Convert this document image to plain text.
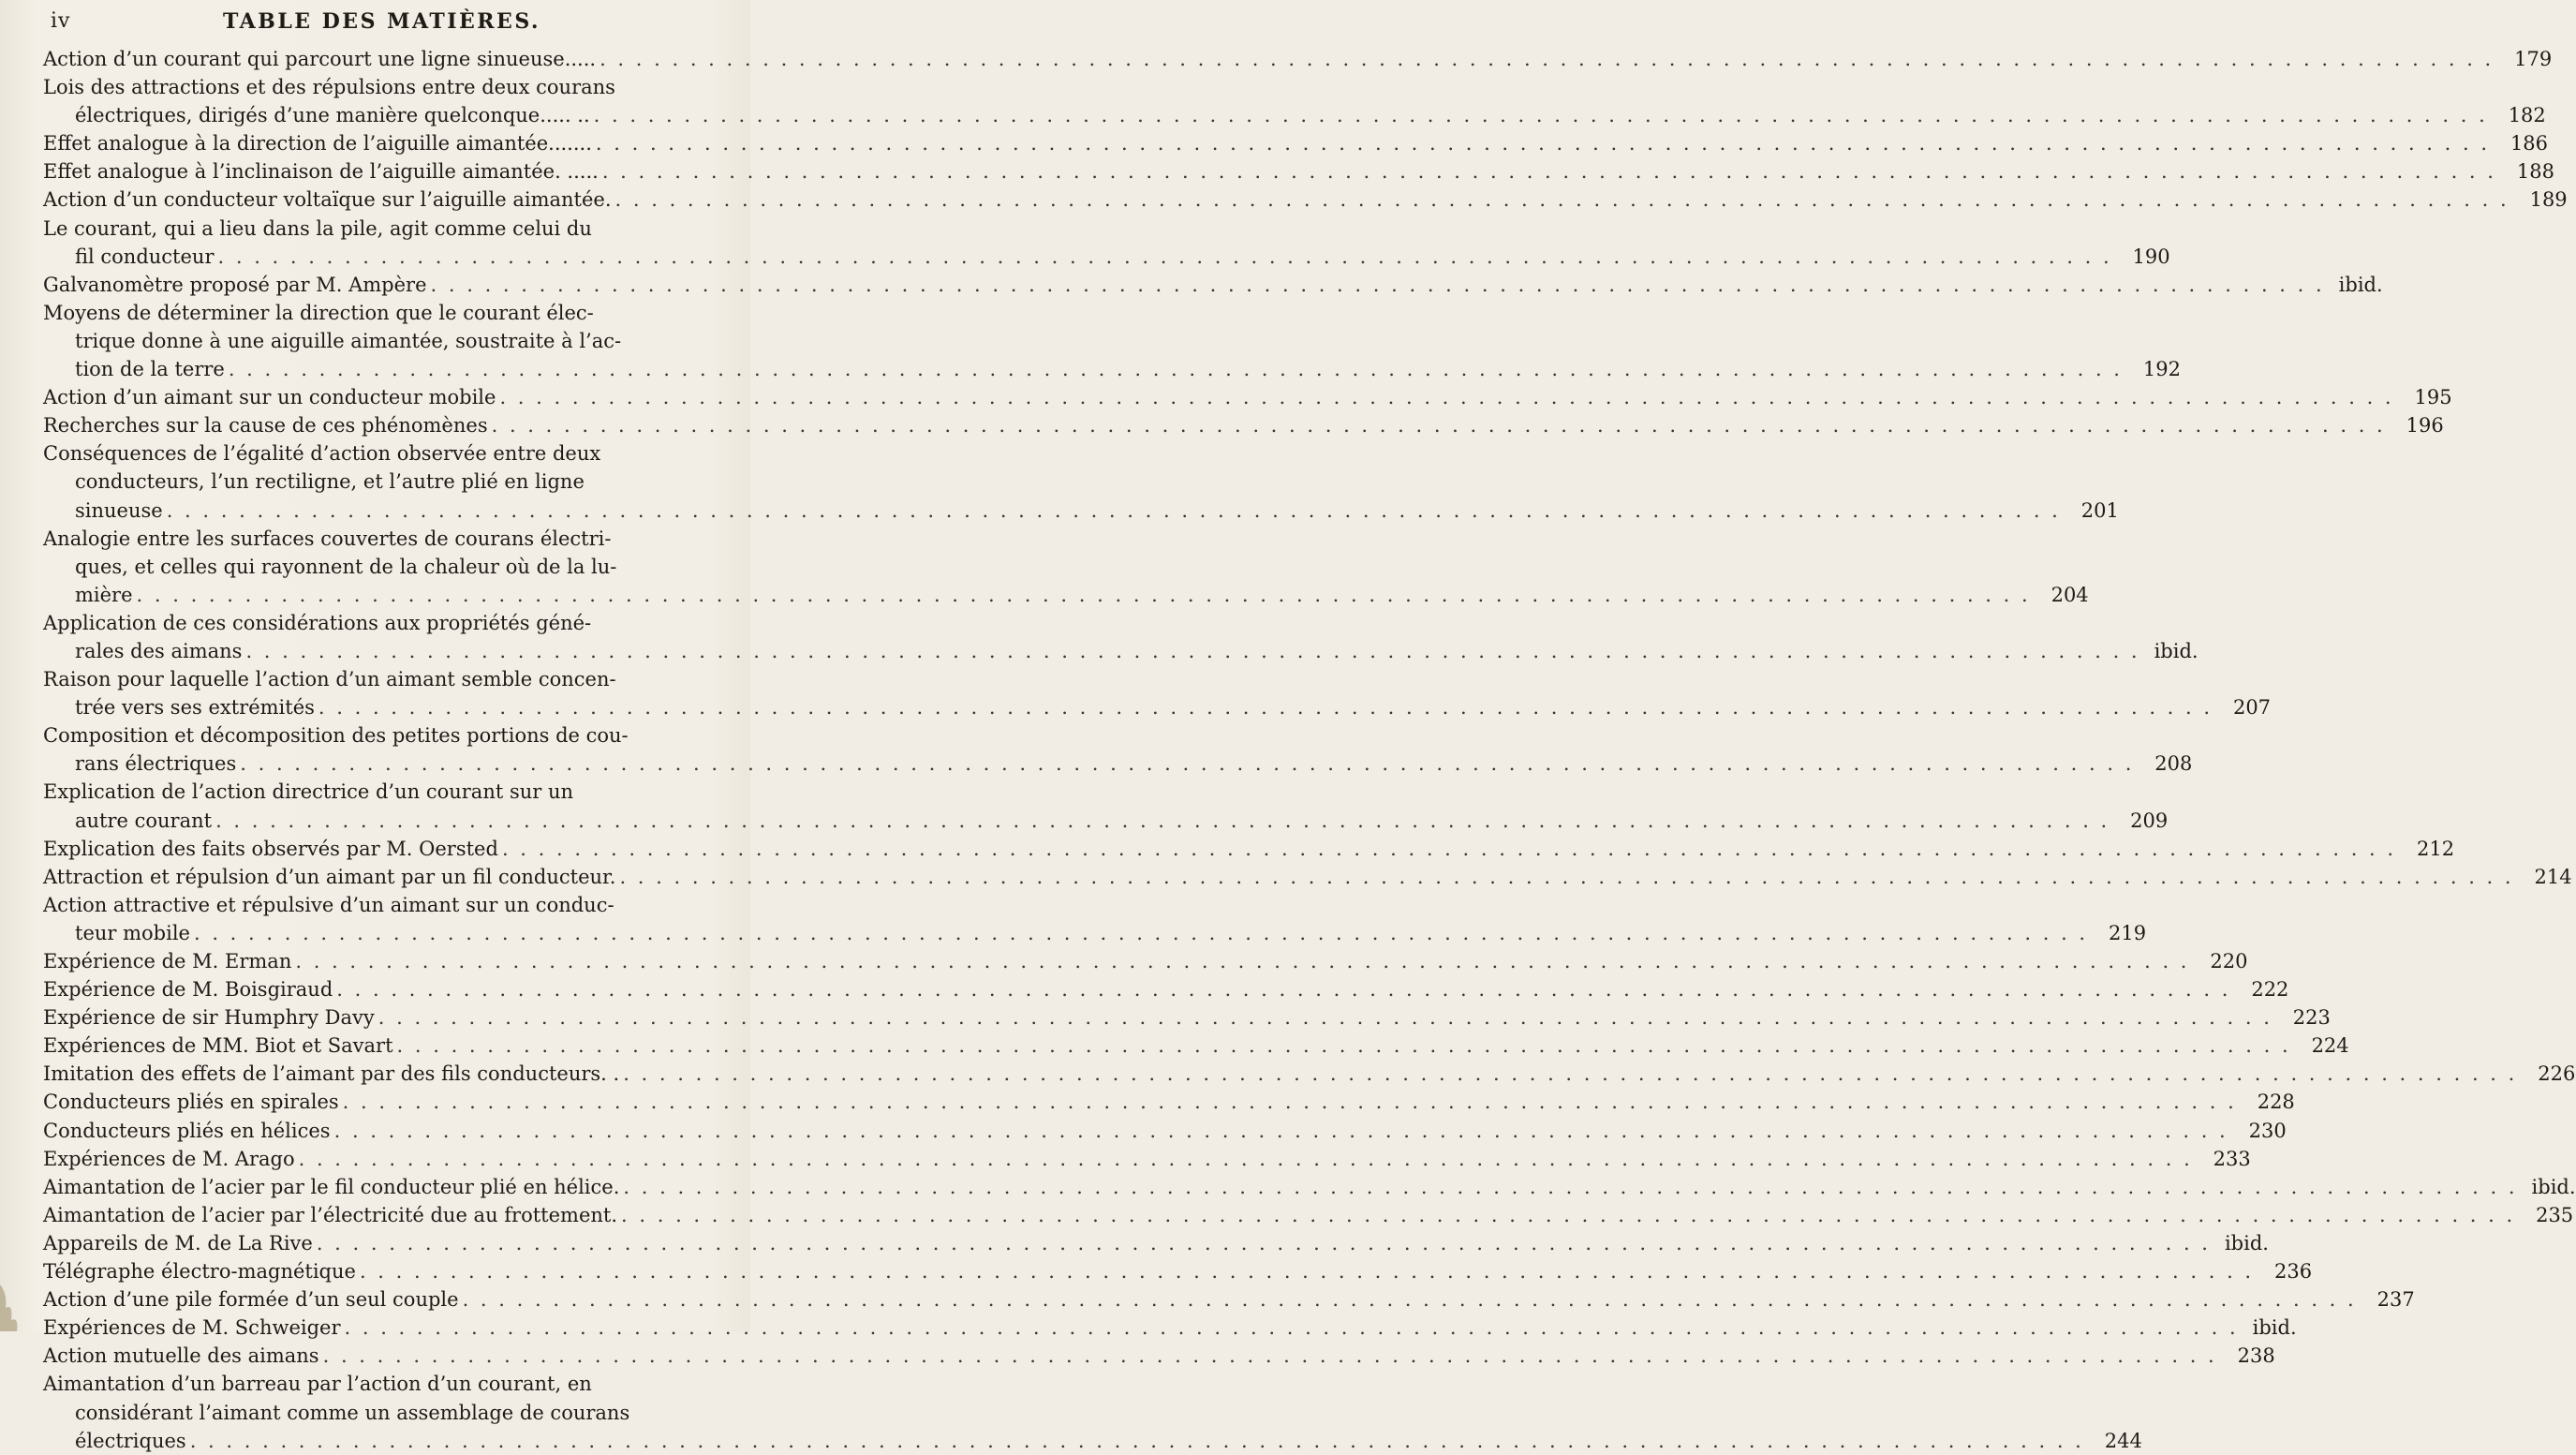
iv	TABLE DES MATIÈRES.
Action d’un courant qui parcourt une ligne sinueuse..... . . .	179
Lois des attractions et des répulsions entre deux courans
électriques, dirigés d’une manière quelconque..... .. . . .	182
Effet analogue à la direction de l’aiguille aimantée....... . . .	186
Effet analogue à l’inclinaison de l’aiguille aimantée. ..... . . .	188
Action d’un conducteur voltaïque sur l’aiguille aimantée. . . .	189
Le courant, qui a lieu dans la pile, agit comme celui du
fil conducteur . . .	190
Galvanomètre proposé par M. Ampère . . .	ibid.
Moyens de déterminer la direction que le courant élec-
trique donne à une aiguille aimantée, soustraite à l’ac-
tion de la terre . . .	192
Action d’un aimant sur un conducteur mobile . . .	195
Recherches sur la cause de ces phénomènes . . .	196
Conséquences de l’égalité d’action observée entre deux
conducteurs, l’un rectiligne, et l’autre plié en ligne
sinueuse . . .	201
Analogie entre les surfaces couvertes de courans électri-
ques, et celles qui rayonnent de la chaleur où de la lu-
mière . . .	204
Application de ces considérations aux propriétés géné-
rales des aimans . . .	ibid.
Raison pour laquelle l’action d’un aimant semble concen-
trée vers ses extrémités . . .	207
Composition et décomposition des petites portions de cou-
rans électriques . . .	208
Explication de l’action directrice d’un courant sur un
autre courant . . .	209
Explication des faits observés par M. Oersted . . .	212
Attraction et répulsion d’un aimant par un fil conducteur. . . .	214
Action attractive et répulsive d’un aimant sur un conduc-
teur mobile . . .	219
Expérience de M. Erman . . .	220
Expérience de M. Boisgiraud . . .	222
Expérience de sir Humphry Davy . . .	223
Expériences de MM. Biot et Savart . . .	224
Imitation des effets de l’aimant par des fils conducteurs. . . . .	226
Conducteurs pliés en spirales . . .	228
Conducteurs pliés en hélices . . .	230
Expériences de M. Arago . . .	233
Aimantation de l’acier par le fil conducteur plié en hélice. . . .	ibid.
Aimantation de l’acier par l’électricité due au frottement. . . .	235
Appareils de M. de La Rive . . .	ibid.
Télégraphe électro-magnétique . . .	236
Action d’une pile formée d’un seul couple . . .	237
Expériences de M. Schweiger . . .	ibid.
Action mutuelle des aimans . . .	238
Aimantation d’un barreau par l’action d’un courant, en
considérant l’aimant comme un assemblage de courans
électriques . . .	244
